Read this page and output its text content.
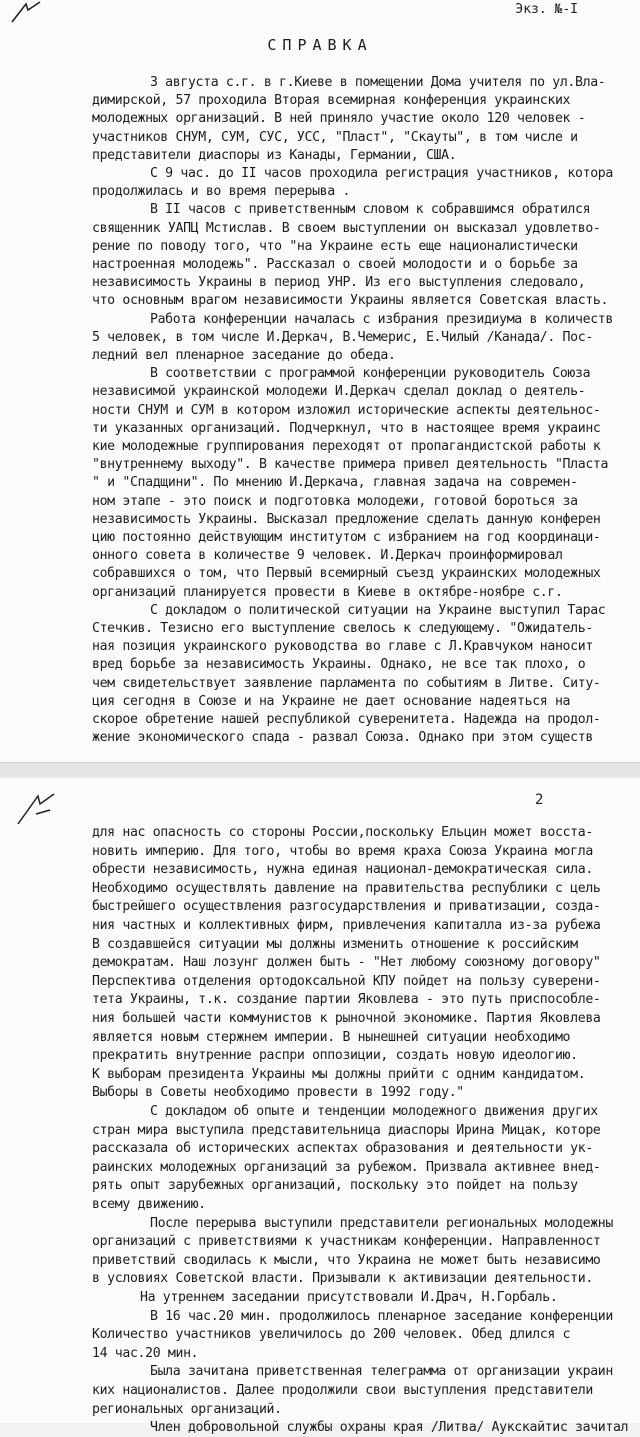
Экз. №-I
СПРАВКА
3 августа с.г. в г.Киеве в помещении Дома учителя по ул.Вла-
димирской, 57 проходила Вторая всемирная конференция украинских
молодежных организаций. В ней приняло участие около 120 человек -
участников СНУМ, СУМ, СУС, УСС, "Пласт", "Скауты", в том числе и
представители диаспоры из Канады, Германии, США.
С 9 час. до II часов проходила регистрация участников, котора
продолжилась и во время перерыва .
В II часов с приветственным словом к собравшимся обратился
священник УАПЦ Мстислав. В своем выступлении он высказал удовлетво-
рение по поводу того, что "на Украине есть еще националистически
настроенная молодежь". Рассказал о своей молодости и о борьбе за
независимость Украины в период УНР. Из его выступления следовало,
что основным врагом независимости Украины является Советская власть.
Работа конференции началась с избрания президиума в количеств
5 человек, в том числе И.Деркач, В.Чемерис, Е.Чилый /Канада/. Пос-
ледний вел пленарное заседание до обеда.
В соответствии с программой конференции руководитель Союза
независимой украинской молодежи И.Деркач сделал доклад о деятель-
ности СНУМ и СУМ в котором изложил исторические аспекты деятельнос-
ти указанных организаций. Подчеркнул, что в настоящее время украинс
кие молодежные группирования переходят от пропагандистской работы к
"внутреннему выходу". В качестве примера привел деятельность "Пласта
" и "Спадщини". По мнению И.Деркача, главная задача на современ-
ном этапе - это поиск и подготовка молодежи, готовой бороться за
независимость Украины. Высказал предложение сделать данную конферен
цию постоянно действующим институтом с избранием на год координаци-
онного совета в количестве 9 человек. И.Деркач проинформировал
собравшихся о том, что Первый всемирный съезд украинских молодежных
организаций планируется провести в Киеве в октябре-ноябре с.г.
С докладом о политической ситуации на Украине выступил Тарас
Стечкив. Тезисно его выступление свелось к следующему. "Ожидатель-
ная позиция украинского руководства во главе с Л.Кравчуком наносит
вред борьбе за независимость Украины. Однако, не все так плохо, о
чем свидетельствует заявление парламента по событиям в Литве. Ситу-
ция сегодня в Союзе и на Украине не дает основание надеяться на
скорое обретение нашей республикой суверенитета. Надежда на продол-
жение экономического спада - развал Союза. Однако при этом существ
2
для нас опасность со стороны России,поскольку Ельцин может восста-
новить империю. Для того, чтобы во время краха Союза Украина могла
обрести независимость, нужна единая национал-демократическая сила.
Необходимо осуществлять давление на правительства республики с цель
быстрейшего осуществления разгосударствления и приватизации, созда-
ния частных и коллективных фирм, привлечения капиталла из-за рубежа
В создавшейся ситуации мы должны изменить отношение к российским
демократам. Наш лозунг должен быть - "Нет любому союзному договору"
Перспектива отделения ортодоксальной КПУ пойдет на пользу суверени-
тета Украины, т.к. создание партии Яковлева - это путь приспособле-
ния большей части коммунистов к рыночной экономике. Партия Яковлева
является новым стержнем империи. В нынешней ситуации необходимо
прекратить внутренние распри оппозиции, создать новую идеологию.
К выборам президента Украины мы должны прийти с одним кандидатом.
Выборы в Советы необходимо провести в 1992 году."
С докладом об опыте и тенденции молодежного движения других
стран мира выступила представительница диаспоры Ирина Мицак, которе
рассказала об исторических аспектах образования и деятельности ук-
раинских молодежных организаций за рубежом. Призвала активнее внед-
рять опыт зарубежных организаций, поскольку это пойдет на пользу
всему движению.
После перерыва выступили представители региональных молодежны
организаций с приветствиями к участникам конференции. Направленност
приветствий сводилась к мысли, что Украина не может быть независимо
в условиях Советской власти. Призывали к активизации деятельности.
На утреннем заседании присутствовали И.Драч, Н.Горбаль.
В 16 час.20 мин. продолжилось пленарное заседание конференции
Количество участников увеличилось до 200 человек. Обед длился с
14 час.20 мин.
Была зачитана приветственная телеграмма от организации украин
ких националистов. Далее продолжили свои выступления представители
региональных организаций.
Член добровольной службы охраны края /Литва/ Аукскайтис зачитал
